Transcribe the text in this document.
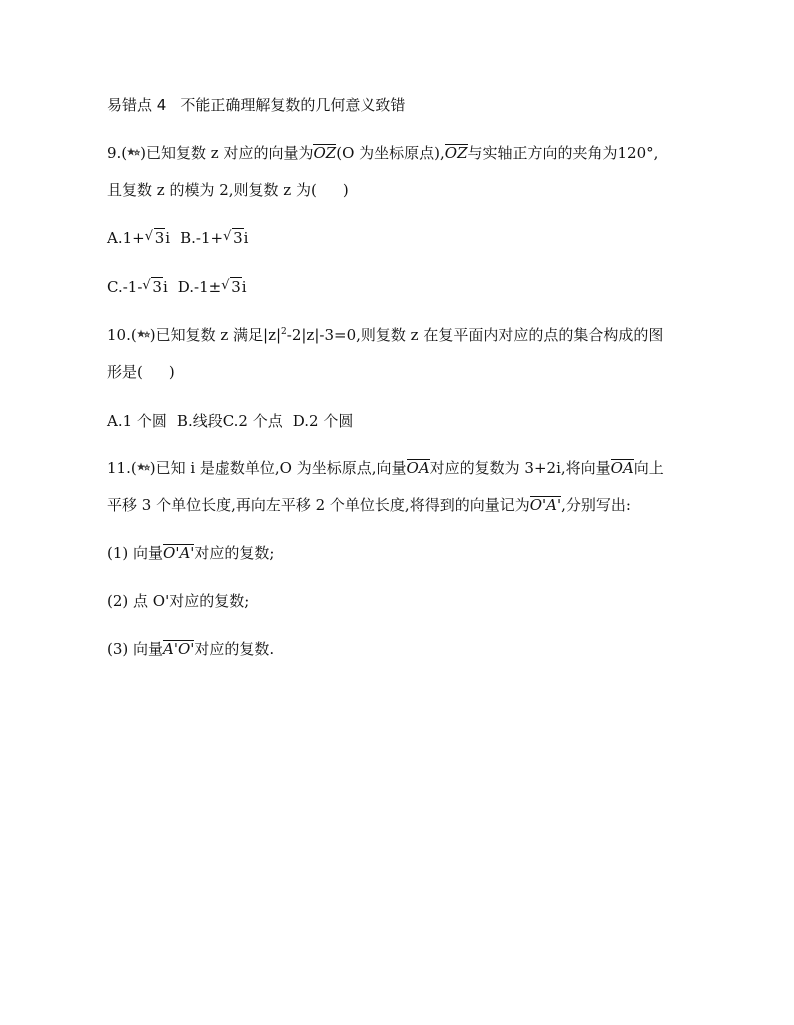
易错点 4 不能正确理解复数的几何意义致错
9.( )已知复数 z 对应的向量为OZ(O 为坐标原点),OZ与实轴正方向的夹角为120°,
且复数 z 的模为 2,则复数 z 为( )
A.1+ √ 3i B.-1+ √ 3i
C.-1- √ 3i D.-1± √ 3i
10.( )已知复数 z 满足$|z|^2-2|z|-3=0$,则复数 z 在复平面内对应的点的集合构成的图
形是( )
A.1 个圆 B.线段C.2 个点 D.2 个圆
11.( )已知 i 是虚数单位,O 为坐标原点,向量OA对应的复数为 3+2i,将向量OA向上
平移 3 个单位长度,再向左平移 2 个单位长度,将得到的向量记为O'A',分别写出:
(1) 向量O'A'对应的复数;
(2) 点 O'对应的复数;
(3) 向量A'O'对应的复数.
